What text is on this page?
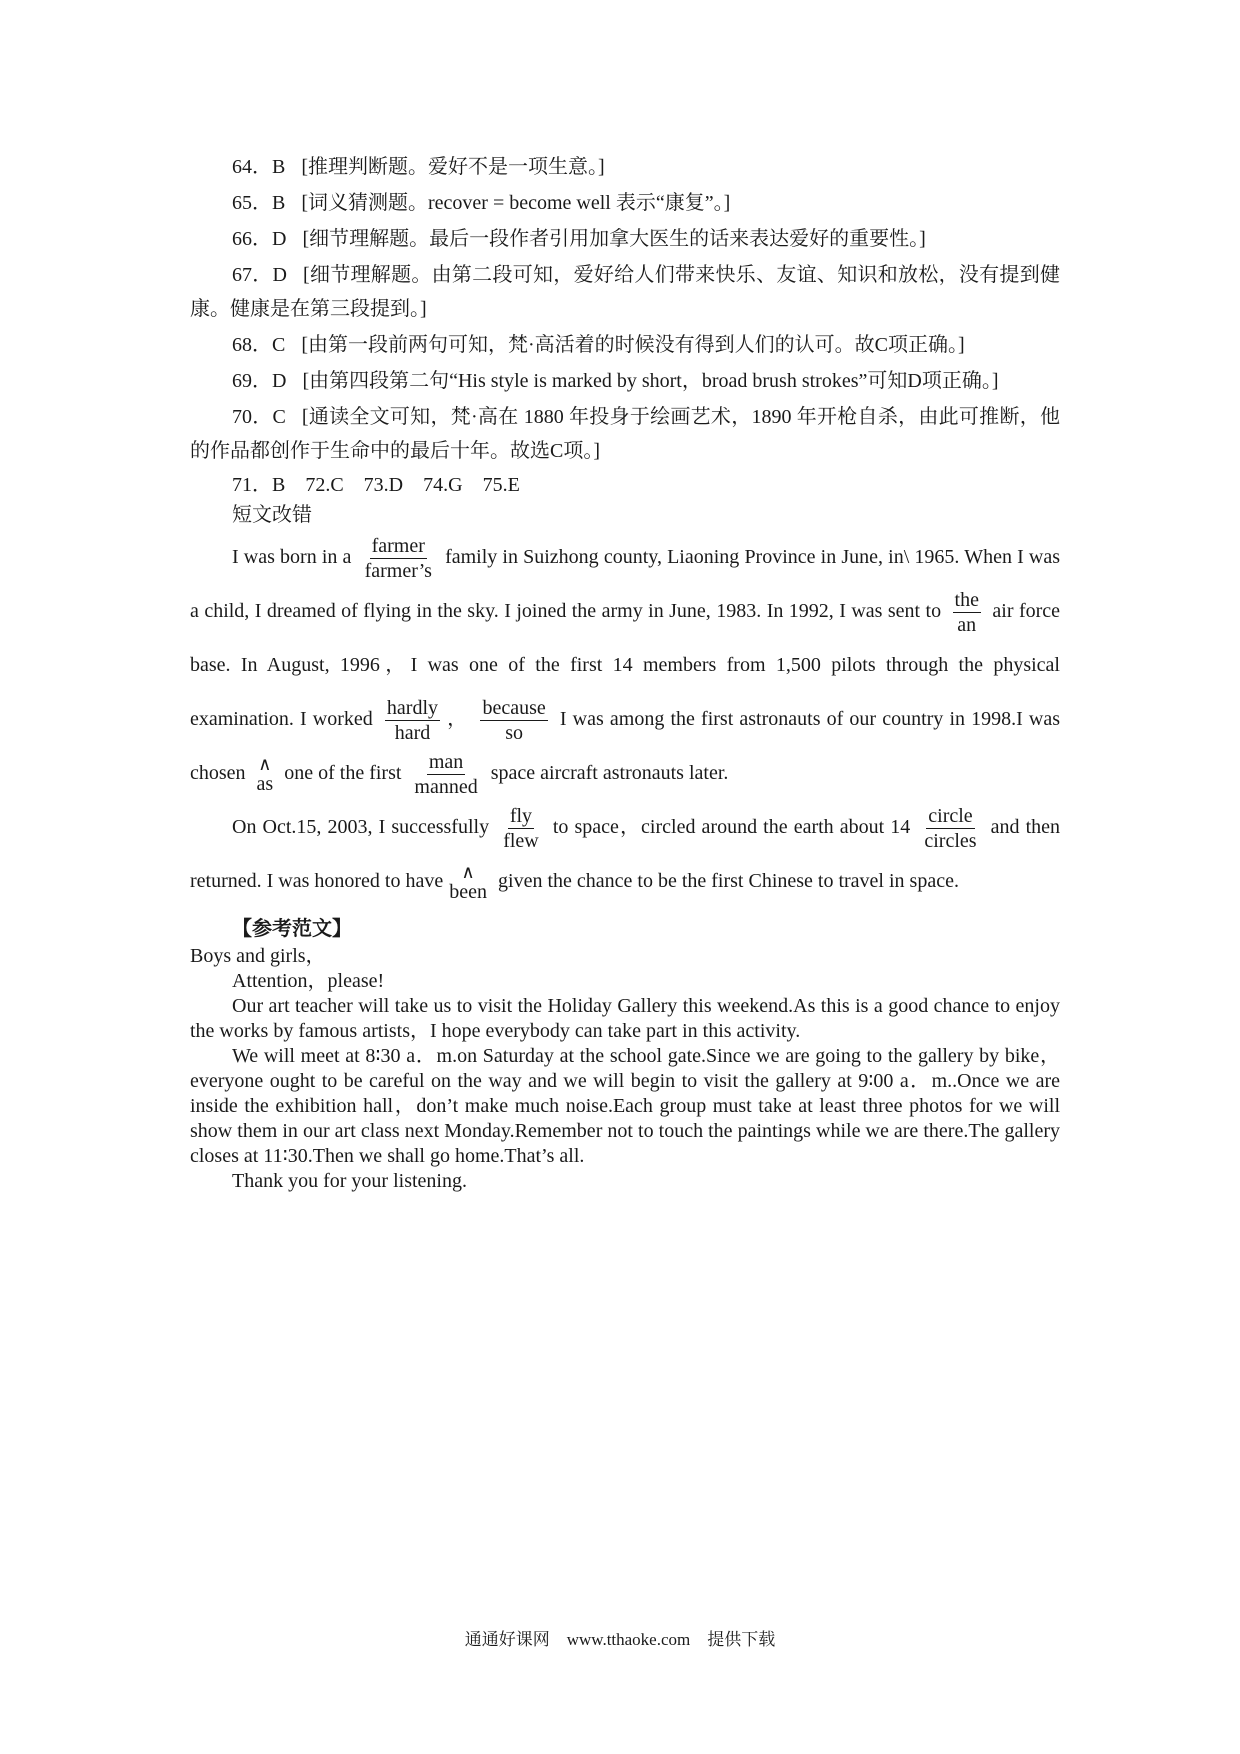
64．B [推理判断题。爱好不是一项生意。]

65．B [词义猜测题。recover = become well 表示“康复”。]

66．D [细节理解题。最后一段作者引用加拿大医生的话来表达爱好的重要性。]

67．D [细节理解题。由第二段可知，爱好给人们带来快乐、友谊、知识和放松，没有提到健康。健康是在第三段提到。]

68．C [由第一段前两句可知，梵·高活着的时候没有得到人们的认可。故C项正确。]

69．D [由第四段第二句“His style is marked by short，broad brush strokes”可知D项正确。]

70．C [通读全文可知，梵·高在 1880 年投身于绘画艺术，1890 年开枪自杀，由此可推断，他的作品都创作于生命中的最后十年。故选C项。]

71．B　72.C　73.D　74.G　75.E

短文改错

I was born in a $\frac{\text{farmer}}{\text{farmer’s}}$ family in Suizhong county, Liaoning Province in June, in\ 1965. When I was a child, I dreamed of flying in the sky. I joined the army in June, 1983. In 1992, I was sent to $\frac{\text{the}}{an}$ air force base. In August, 1996，I was one of the first 14 members from 1,500 pilots through the physical examination. I worked $\frac{\text{hardly}}{\text{hard}}$ ， $\frac{\text{because}}{so}$ I was among the first astronauts of our country in 1998.I was chosen ∧
as
one of the first $\frac{\text{man}}{\text{manned}}$ space aircraft astronauts later.

On Oct.15, 2003, I successfully $\frac{\text{fly}}{\text{flew}}$ to space，circled around the earth about $14 \frac{\text{circle}}{\text{circles}}$ and then returned. I was honored to have ∧
been
given the chance to be the first Chinese to travel in space.

【参考范文】

Boys and girls，

Attention，please!

Our art teacher will take us to visit the Holiday Gallery this weekend.As this is a good chance to enjoy the works by famous artists，I hope everybody can take part in this activity.

We will meet at 8∶30 a．m.on Saturday at the school gate.Since we are going to the gallery by bike，everyone ought to be careful on the way and we will begin to visit the gallery at 9∶00 a．m..Once we are inside the exhibition hall，don’t make much noise.Each group must take at least three photos for we will show them in our art class next Monday.Remember not to touch the paintings while we are there.The gallery closes at 11∶30.Then we shall go home.That’s all.

Thank you for your listening.

通通好课网　www.tthaoke.com　提供下载
